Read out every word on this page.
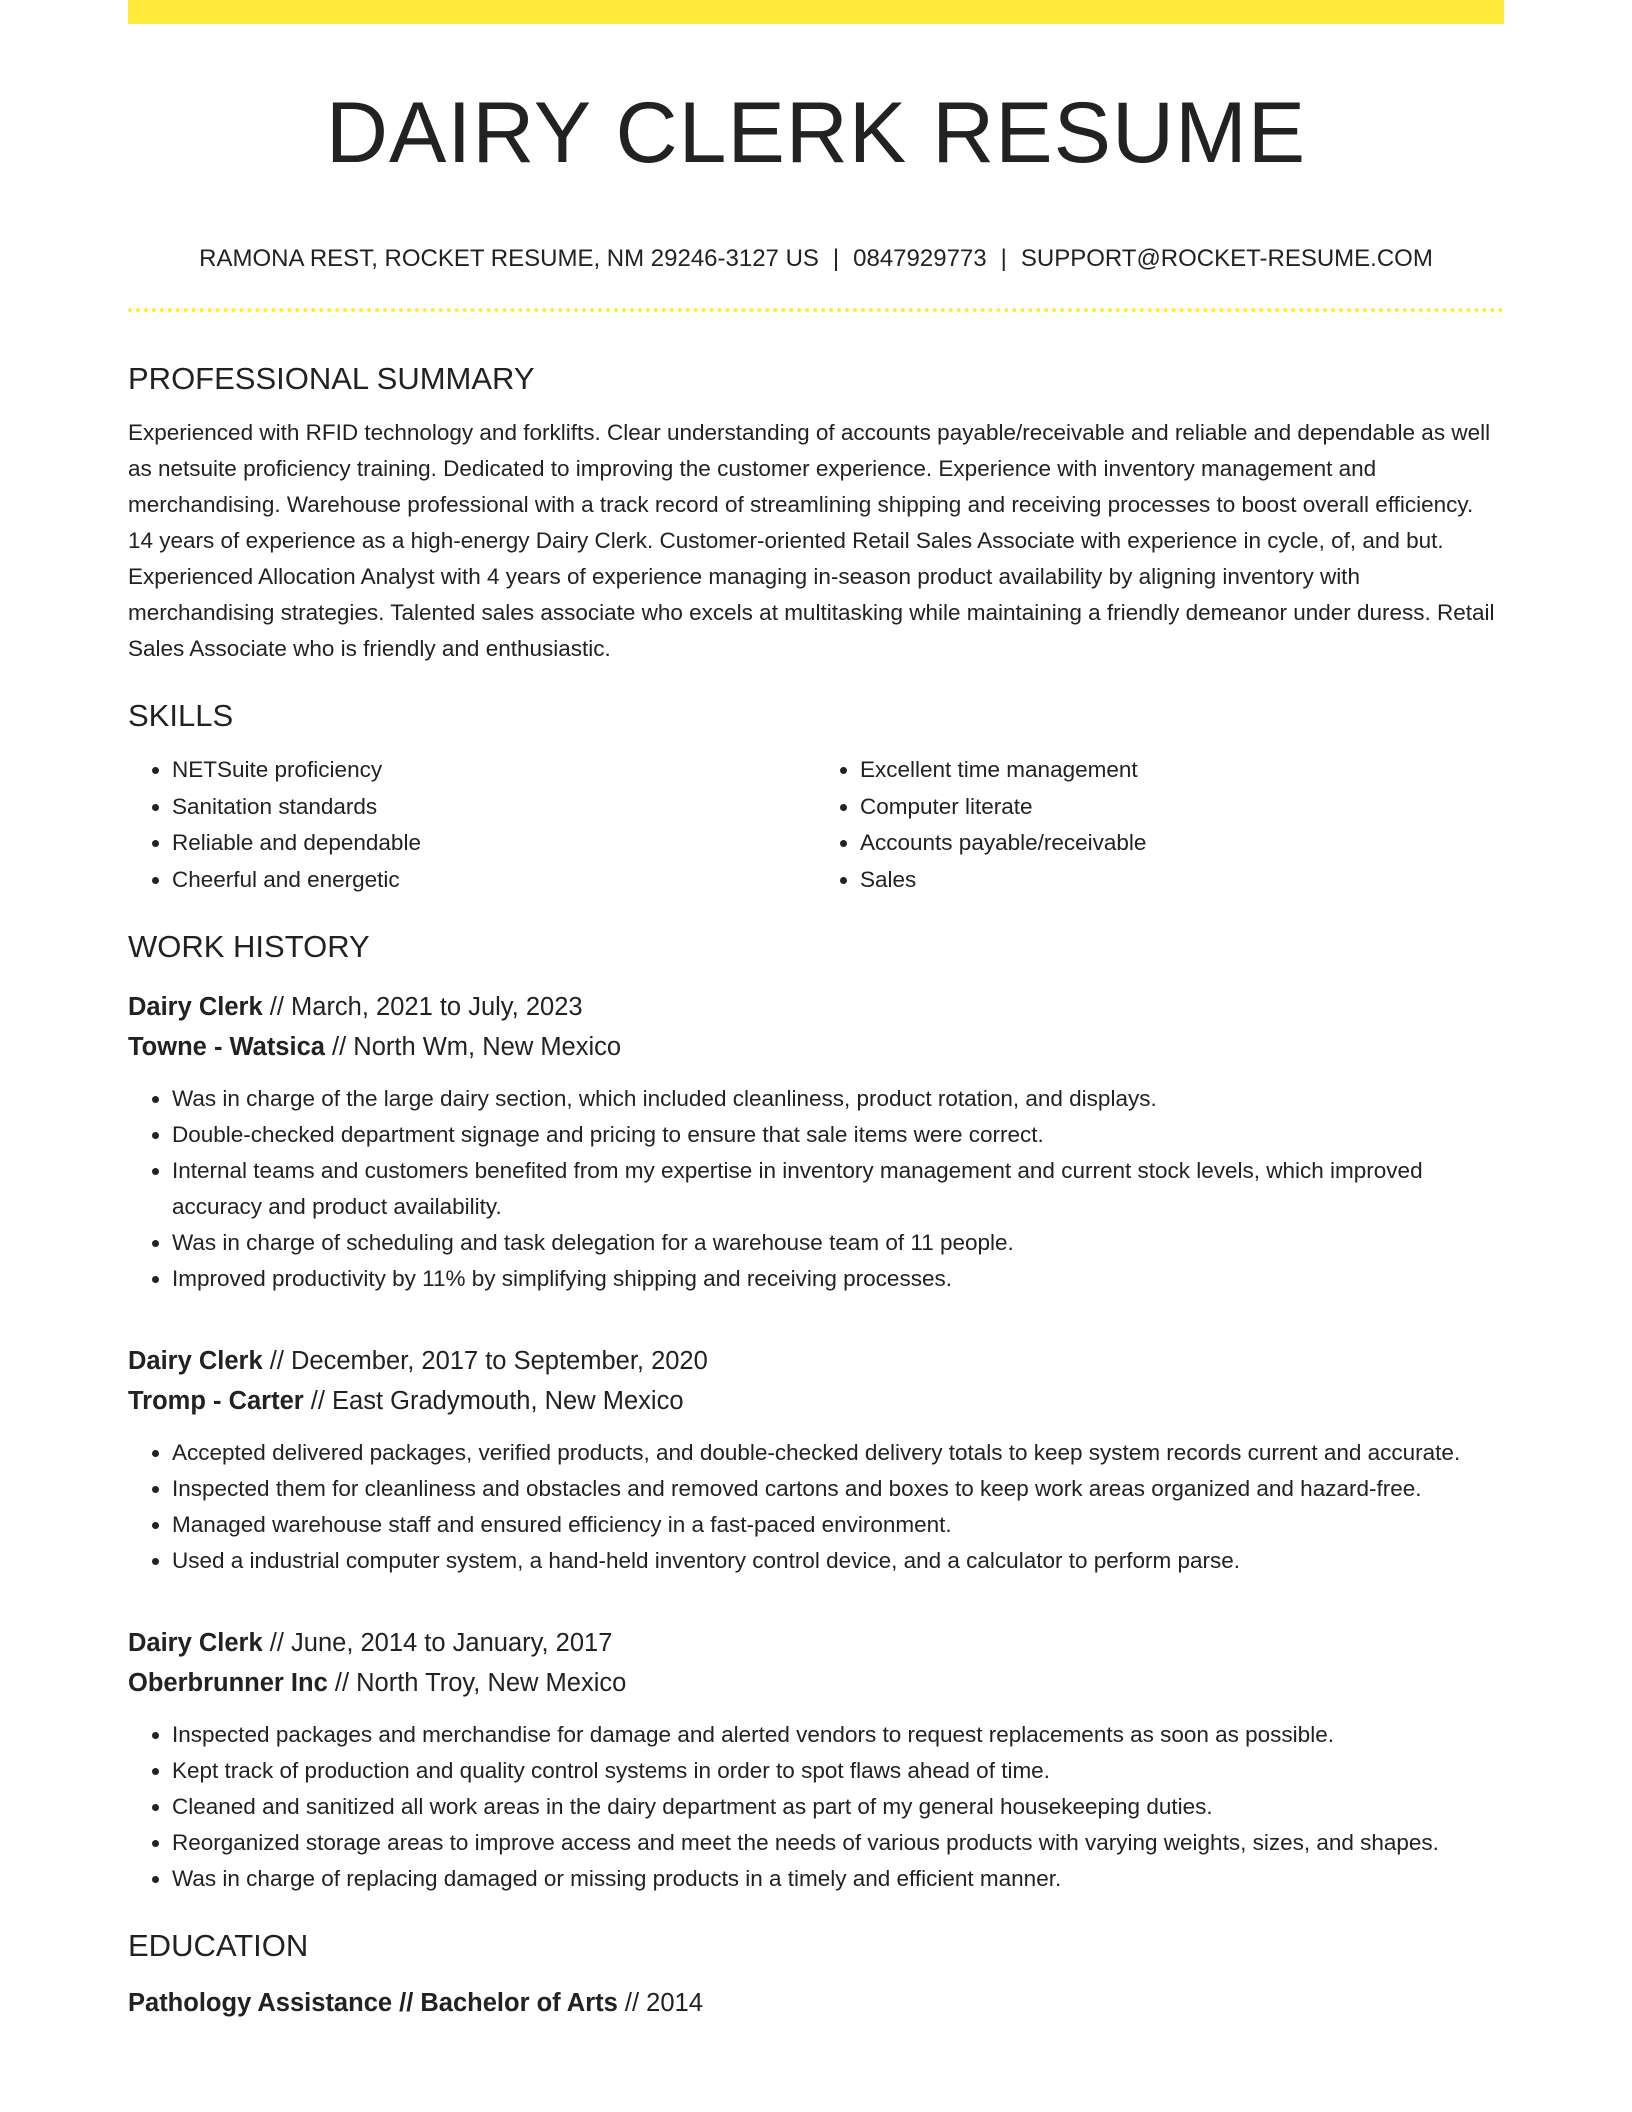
DAIRY CLERK RESUME
RAMONA REST, ROCKET RESUME, NM 29246-3127 US | 0847929773 | SUPPORT@ROCKET-RESUME.COM
PROFESSIONAL SUMMARY
Experienced with RFID technology and forklifts. Clear understanding of accounts payable/receivable and reliable and dependable as well as netsuite proficiency training. Dedicated to improving the customer experience. Experience with inventory management and merchandising. Warehouse professional with a track record of streamlining shipping and receiving processes to boost overall efficiency. 14 years of experience as a high-energy Dairy Clerk. Customer-oriented Retail Sales Associate with experience in cycle, of, and but. Experienced Allocation Analyst with 4 years of experience managing in-season product availability by aligning inventory with merchandising strategies. Talented sales associate who excels at multitasking while maintaining a friendly demeanor under duress. Retail Sales Associate who is friendly and enthusiastic.
SKILLS
• NETSuite proficiency
• Sanitation standards
• Reliable and dependable
• Cheerful and energetic
• Excellent time management
• Computer literate
• Accounts payable/receivable
• Sales
WORK HISTORY
Dairy Clerk // March, 2021 to July, 2023
Towne - Watsica // North Wm, New Mexico
• Was in charge of the large dairy section, which included cleanliness, product rotation, and displays.
• Double-checked department signage and pricing to ensure that sale items were correct.
• Internal teams and customers benefited from my expertise in inventory management and current stock levels, which improved accuracy and product availability.
• Was in charge of scheduling and task delegation for a warehouse team of 11 people.
• Improved productivity by 11% by simplifying shipping and receiving processes.
Dairy Clerk // December, 2017 to September, 2020
Tromp - Carter // East Gradymouth, New Mexico
• Accepted delivered packages, verified products, and double-checked delivery totals to keep system records current and accurate.
• Inspected them for cleanliness and obstacles and removed cartons and boxes to keep work areas organized and hazard-free.
• Managed warehouse staff and ensured efficiency in a fast-paced environment.
• Used a industrial computer system, a hand-held inventory control device, and a calculator to perform parse.
Dairy Clerk // June, 2014 to January, 2017
Oberbrunner Inc // North Troy, New Mexico
• Inspected packages and merchandise for damage and alerted vendors to request replacements as soon as possible.
• Kept track of production and quality control systems in order to spot flaws ahead of time.
• Cleaned and sanitized all work areas in the dairy department as part of my general housekeeping duties.
• Reorganized storage areas to improve access and meet the needs of various products with varying weights, sizes, and shapes.
• Was in charge of replacing damaged or missing products in a timely and efficient manner.
EDUCATION
Pathology Assistance // Bachelor of Arts // 2014
